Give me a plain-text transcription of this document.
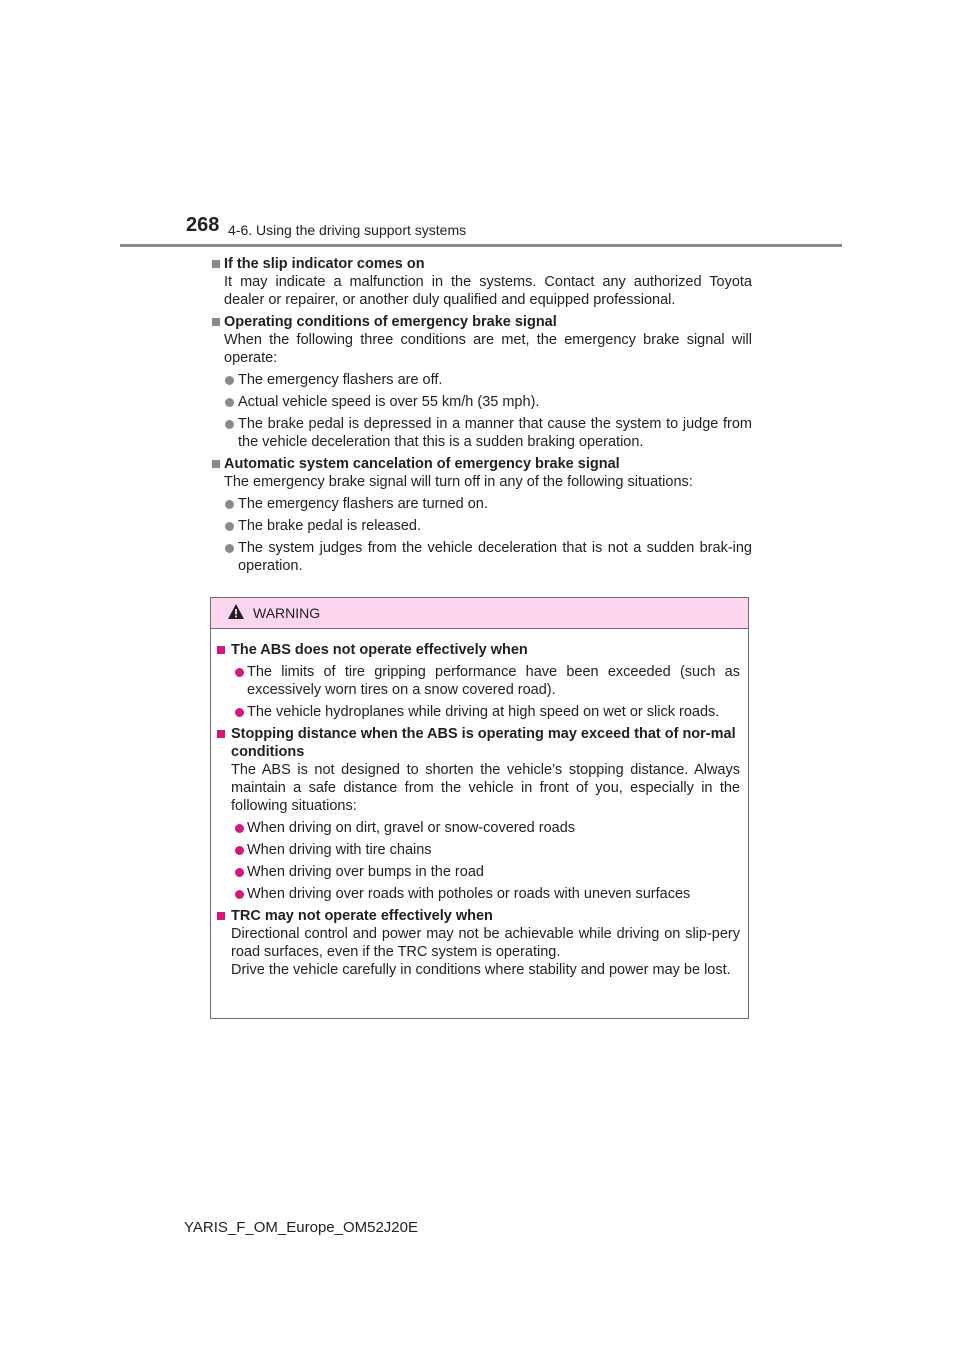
268 4-6. Using the driving support systems
If the slip indicator comes on
It may indicate a malfunction in the systems. Contact any authorized Toyota dealer or repairer, or another duly qualified and equipped professional.
Operating conditions of emergency brake signal
When the following three conditions are met, the emergency brake signal will operate:
The emergency flashers are off.
Actual vehicle speed is over 55 km/h (35 mph).
The brake pedal is depressed in a manner that cause the system to judge from the vehicle deceleration that this is a sudden braking operation.
Automatic system cancelation of emergency brake signal
The emergency brake signal will turn off in any of the following situations:
The emergency flashers are turned on.
The brake pedal is released.
The system judges from the vehicle deceleration that is not a sudden brak-ing operation.
WARNING
The ABS does not operate effectively when
The limits of tire gripping performance have been exceeded (such as excessively worn tires on a snow covered road).
The vehicle hydroplanes while driving at high speed on wet or slick roads.
Stopping distance when the ABS is operating may exceed that of nor-mal conditions
The ABS is not designed to shorten the vehicle’s stopping distance. Always maintain a safe distance from the vehicle in front of you, especially in the following situations:
When driving on dirt, gravel or snow-covered roads
When driving with tire chains
When driving over bumps in the road
When driving over roads with potholes or roads with uneven surfaces
TRC may not operate effectively when
Directional control and power may not be achievable while driving on slip-pery road surfaces, even if the TRC system is operating.
Drive the vehicle carefully in conditions where stability and power may be lost.
YARIS_F_OM_Europe_OM52J20E
